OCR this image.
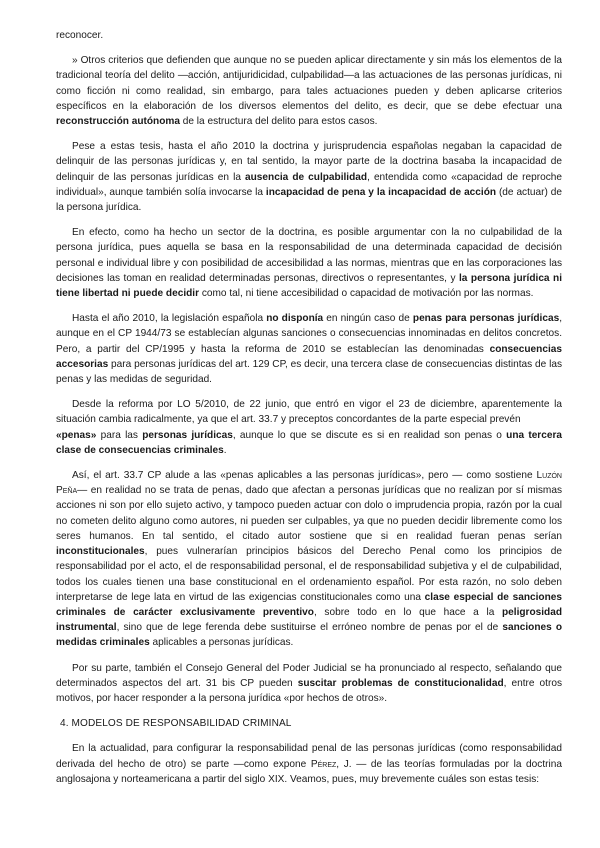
reconocer.

» Otros criterios que defienden que aunque no se pueden aplicar directamente y sin más los elementos de la tradicional teoría del delito —acción, antijuridicidad, culpabilidad—a las actuaciones de las personas jurídicas, ni como ficción ni como realidad, sin embargo, para tales actuaciones pueden y deben aplicarse criterios específicos en la elaboración de los diversos elementos del delito, es decir, que se debe efectuar una reconstrucción autónoma de la estructura del delito para estos casos.

Pese a estas tesis, hasta el año 2010 la doctrina y jurisprudencia españolas negaban la capacidad de delinquir de las personas jurídicas y, en tal sentido, la mayor parte de la doctrina basaba la incapacidad de delinquir de las personas jurídicas en la ausencia de culpabilidad, entendida como «capacidad de reproche individual», aunque también solía invocarse la incapacidad de pena y la incapacidad de acción (de actuar) de la persona jurídica.

En efecto, como ha hecho un sector de la doctrina, es posible argumentar con la no culpabilidad de la persona jurídica, pues aquella se basa en la responsabilidad de una determinada capacidad de decisión personal e individual libre y con posibilidad de accesibilidad a las normas, mientras que en las corporaciones las decisiones las toman en realidad determinadas personas, directivos o representantes, y la persona jurídica ni tiene libertad ni puede decidir como tal, ni tiene accesibilidad o capacidad de motivación por las normas.

Hasta el año 2010, la legislación española no disponía en ningún caso de penas para personas jurídicas, aunque en el CP 1944/73 se establecían algunas sanciones o consecuencias innominadas en delitos concretos. Pero, a partir del CP/1995 y hasta la reforma de 2010 se establecían las denominadas consecuencias accesorias para personas jurídicas del art. 129 CP, es decir, una tercera clase de consecuencias distintas de las penas y las medidas de seguridad.

Desde la reforma por LO 5/2010, de 22 junio, que entró en vigor el 23 de diciembre, aparentemente la situación cambia radicalmente, ya que el art. 33.7 y preceptos concordantes de la parte especial prevén

«penas» para las personas jurídicas, aunque lo que se discute es si en realidad son penas o una tercera clase de consecuencias criminales.

Así, el art. 33.7 CP alude a las «penas aplicables a las personas jurídicas», pero — como sostiene Luzón Peña— en realidad no se trata de penas, dado que afectan a personas jurídicas que no realizan por sí mismas acciones ni son por ello sujeto activo, y tampoco pueden actuar con dolo o imprudencia propia, razón por la cual no cometen delito alguno como autores, ni pueden ser culpables, ya que no pueden decidir libremente como los seres humanos. En tal sentido, el citado autor sostiene que si en realidad fueran penas serían inconstitucionales, pues vulnerarían principios básicos del Derecho Penal como los principios de responsabilidad por el acto, el de responsabilidad personal, el de responsabilidad subjetiva y el de culpabilidad, todos los cuales tienen una base constitucional en el ordenamiento español. Por esta razón, no solo deben interpretarse de lege lata en virtud de las exigencias constitucionales como una clase especial de sanciones criminales de carácter exclusivamente preventivo, sobre todo en lo que hace a la peligrosidad instrumental, sino que de lege ferenda debe sustituirse el erróneo nombre de penas por el de sanciones o medidas criminales aplicables a personas jurídicas.

Por su parte, también el Consejo General del Poder Judicial se ha pronunciado al respecto, señalando que determinados aspectos del art. 31 bis CP pueden suscitar problemas de constitucionalidad, entre otros motivos, por hacer responder a la persona jurídica «por hechos de otros».

4. MODELOS DE RESPONSABILIDAD CRIMINAL

En la actualidad, para configurar la responsabilidad penal de las personas jurídicas (como responsabilidad derivada del hecho de otro) se parte —como expone Pérez, J. — de las teorías formuladas por la doctrina anglosajona y norteamericana a partir del siglo XIX. Veamos, pues, muy brevemente cuáles son estas tesis:
